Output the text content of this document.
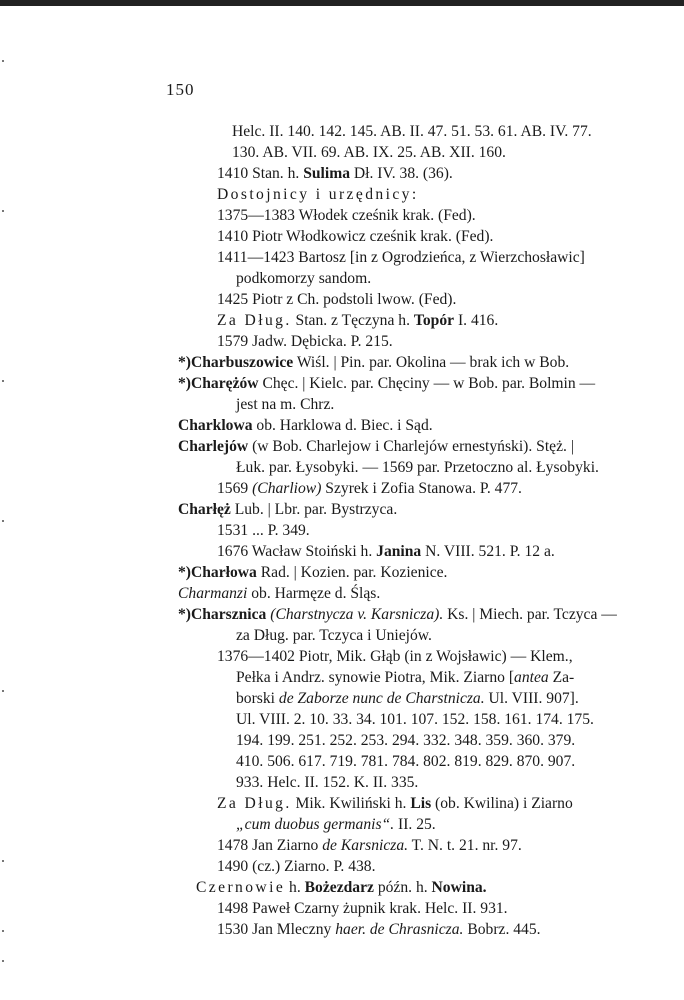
150
Helc. II. 140. 142. 145. AB. II. 47. 51. 53. 61. AB. IV. 77.
130. AB. VII. 69. AB. IX. 25. AB. XII. 160.
1410 Stan. h. Sulima Dł. IV. 38. (36).
Dostojnicy i urzędnicy:
1375—1383 Włodek cześnik krak. (Fed).
1410 Piotr Włodkowicz cześnik krak. (Fed).
1411—1423 Bartosz [in z Ogrodzieńca, z Wierzchosławic]
podkomorzy sandom.
1425 Piotr z Ch. podstoli lwow. (Fed).
Za Dług. Stan. z Tęczyna h. Topór I. 416.
1579 Jadw. Dębicka. P. 215.
*)Charbuszowice Wiśl. | Pin. par. Okolina — brak ich w Bob.
*)Charężów Chęc. | Kielc. par. Chęciny — w Bob. par. Bolmin —
jest na m. Chrz.
Charklowa ob. Harklowa d. Biec. i Sąd.
Charlejów (w Bob. Charlejow i Charlejów ernestyński). Stęż. |
Łuk. par. Łysobyki. — 1569 par. Przetoczno al. Łysobyki.
1569 (Charliow) Szyrek i Zofia Stanowa. P. 477.
Charłęż Lub. | Lbr. par. Bystrzyca.
1531 ... P. 349.
1676 Wacław Stoiński h. Janina N. VIII. 521. P. 12 a.
*)Charłowa Rad. | Kozien. par. Kozienice.
Charmanzi ob. Harmęze d. Śląs.
*)Charsznica (Charstnycza v. Karsnicza). Ks. | Miech. par. Tczyca —
za Dług. par. Tczyca i Uniejów.
1376—1402 Piotr, Mik. Głąb (in z Wojsławic) — Klem.,
Pełka i Andrz. synowie Piotra, Mik. Ziarno [antea Za-
borski de Zaborze nunc de Charstnicza. Ul. VIII. 907].
Ul. VIII. 2. 10. 33. 34. 101. 107. 152. 158. 161. 174. 175.
194. 199. 251. 252. 253. 294. 332. 348. 359. 360. 379.
410. 506. 617. 719. 781. 784. 802. 819. 829. 870. 907.
933. Helc. II. 152. K. II. 335.
Za Dług. Mik. Kwiliński h. Lis (ob. Kwilina) i Ziarno
„cum duobus germanis“. II. 25.
1478 Jan Ziarno de Karsnicza. T. N. t. 21. nr. 97.
1490 (cz.) Ziarno. P. 438.
Czernowie h. Bożezdarz późn. h. Nowina.
1498 Paweł Czarny żupnik krak. Helc. II. 931.
1530 Jan Mleczny haer. de Chrasnicza. Bobrz. 445.
